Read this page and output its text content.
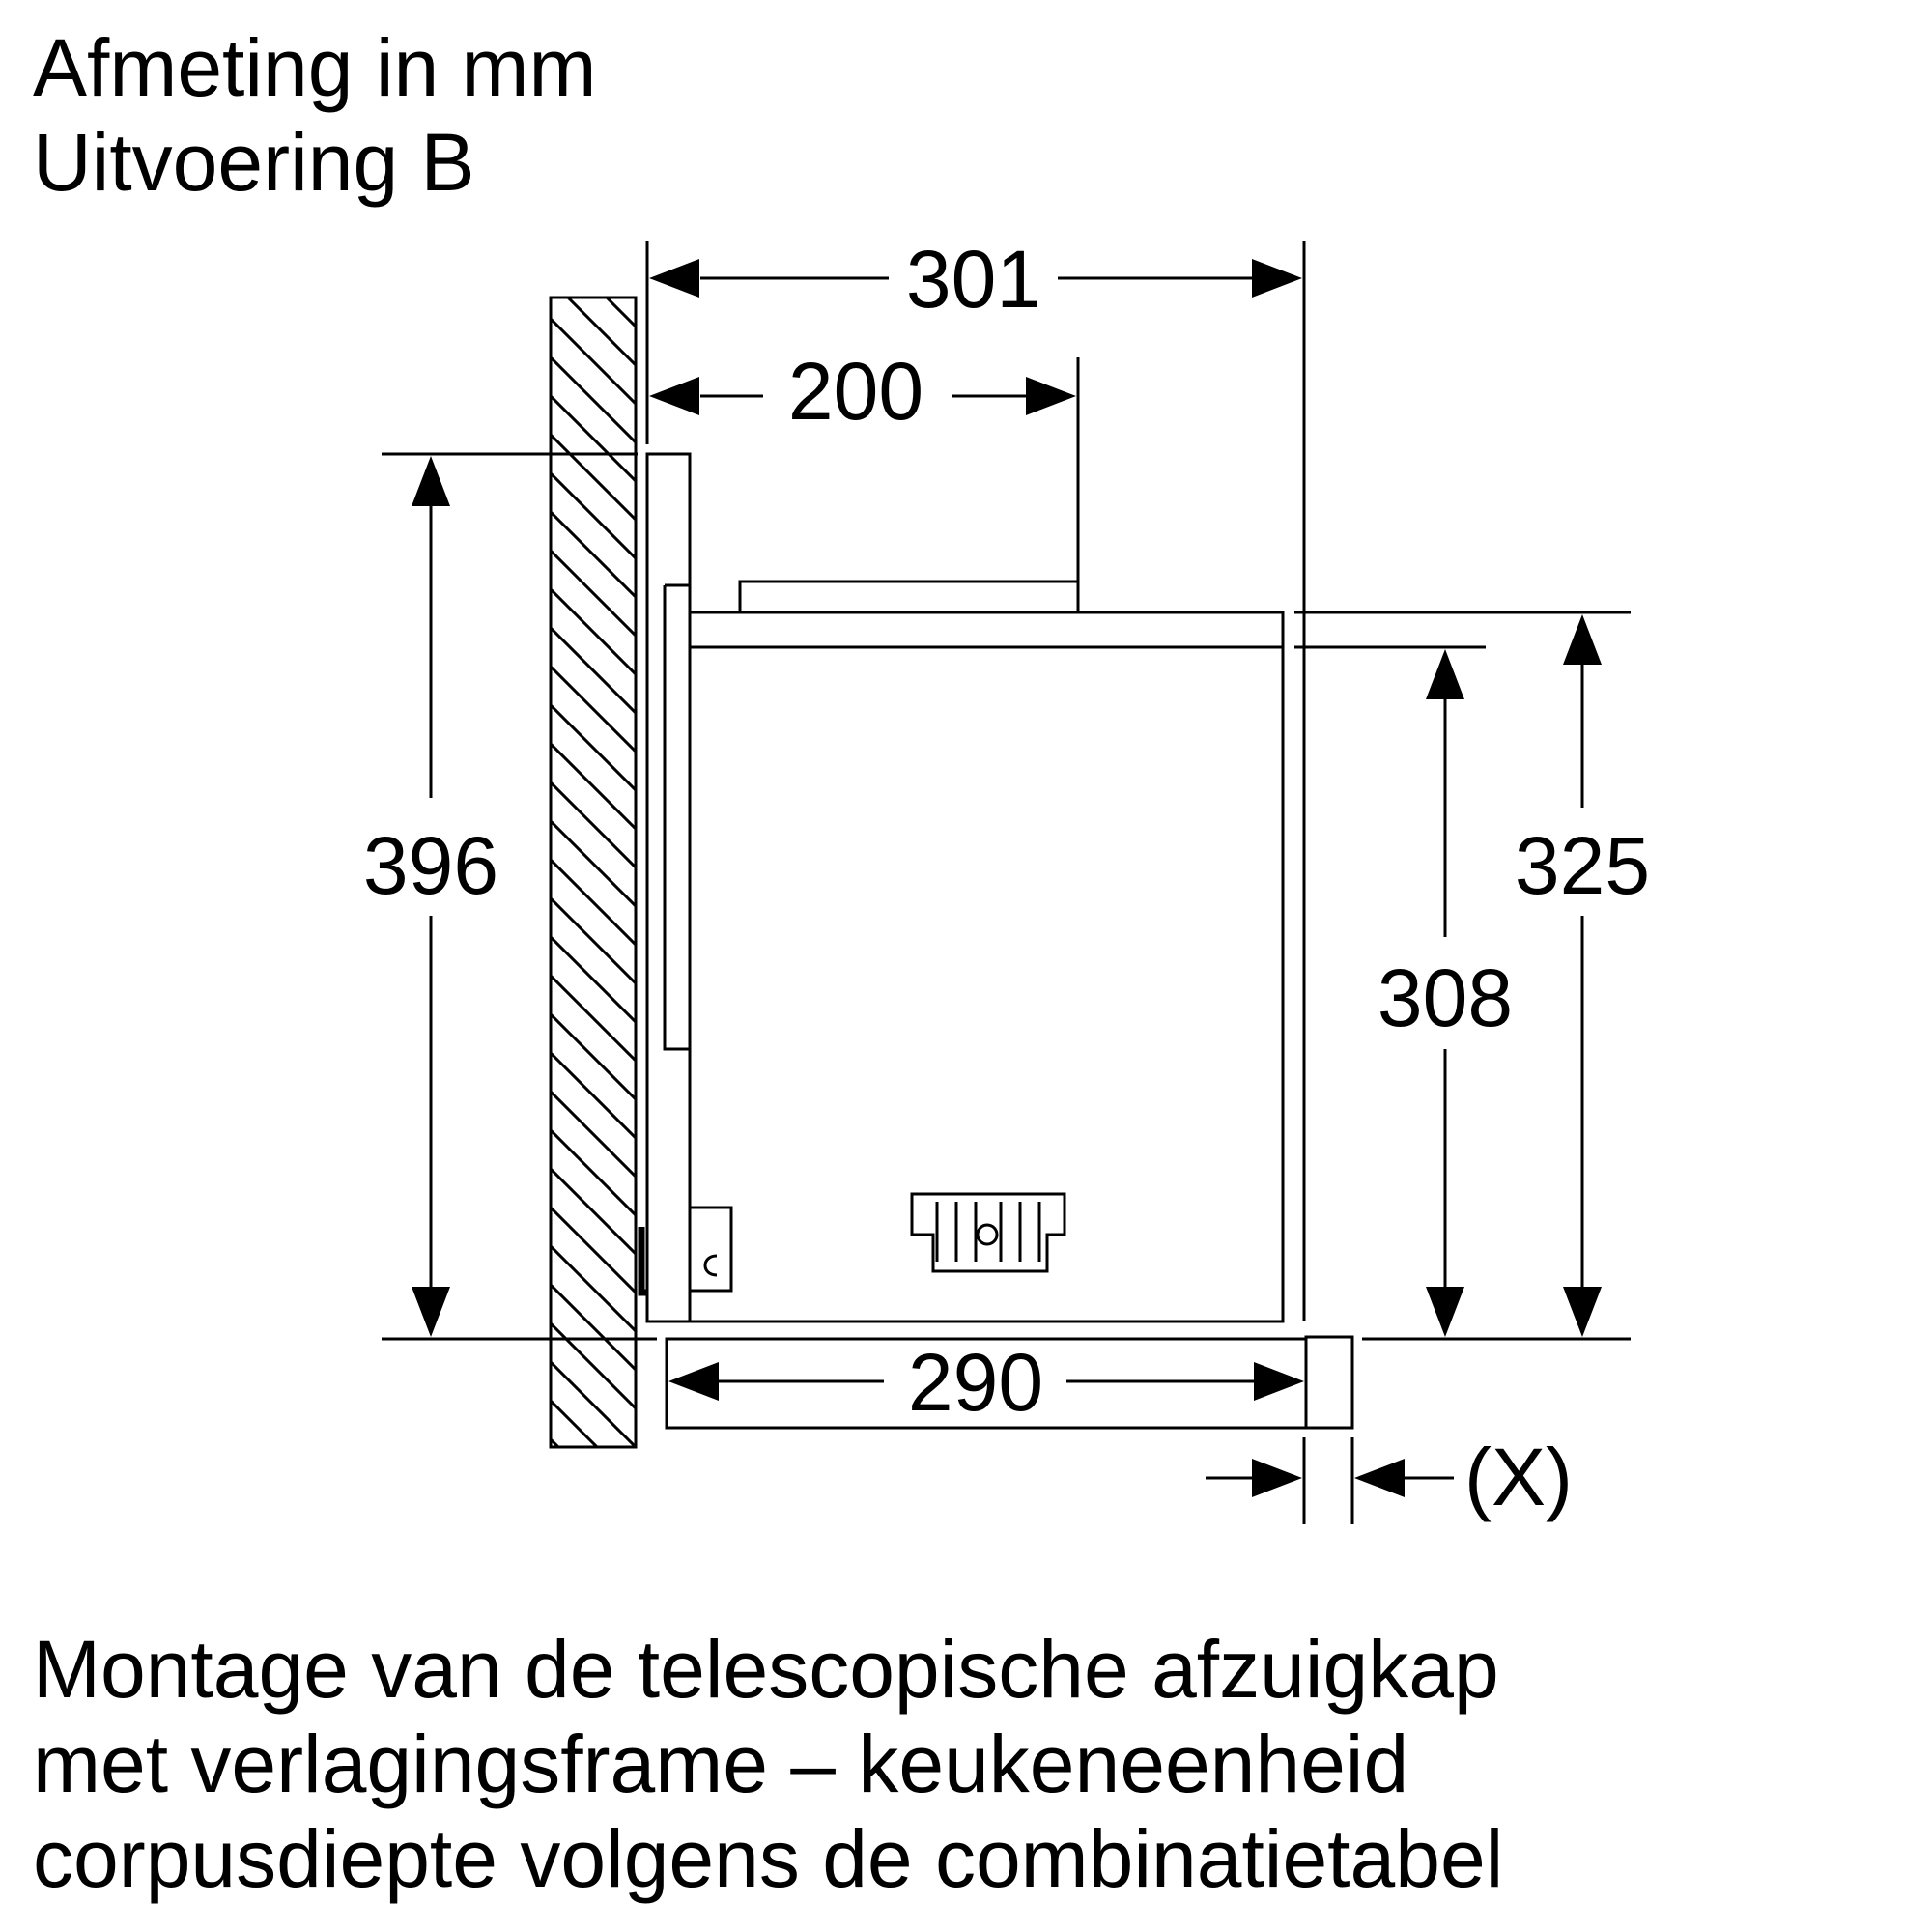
Afmeting in mm
Uitvoering B
301
200
396	325
308
290
(X)
Montage van de telescopische afzuigkap
met verlagingsframe – keukeneenheid
corpusdiepte volgens de combinatietabel
